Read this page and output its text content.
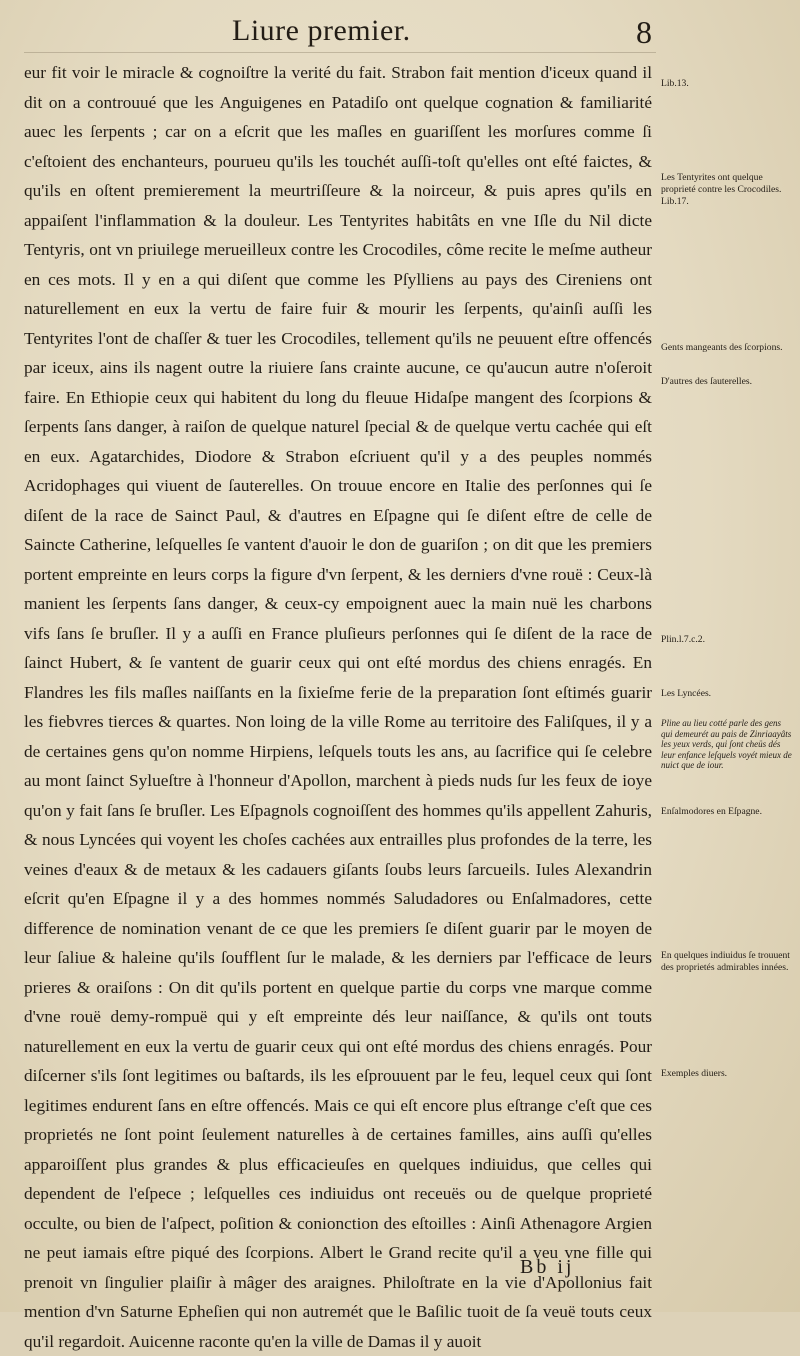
Liure premier.	8

eur fit voir le miracle & cognoiſtre la verité du fait. Strabon fait mention d'iceux quand il dit on a controuué que les Anguigenes en Patadiſo ont quelque cognation & familiarité auec les ſerpents ; car on a eſcrit que les maſles en guariſſent les morſures comme ſi c'eſtoient des enchanteurs, pourueu qu'ils les touchét auſſi-toſt qu'elles ont eſté faictes, & qu'ils en oſtent premierement la meurtriſſeure & la noirceur, & puis apres qu'ils en appaiſent l'inflammation & la douleur. Les Tentyrites habitâts en vne Iſle du Nil dicte Tentyris, ont vn priuilege merueilleux contre les Crocodiles, côme recite le meſme autheur en ces mots. Il y en a qui diſent que comme les Pſylliens au pays des Cireniens ont naturellement en eux la vertu de faire fuir & mourir les ſerpents, qu'ainſi auſſi les Tentyrites l'ont de chaſſer & tuer les Crocodiles, tellement qu'ils ne peuuent eſtre offencés par iceux, ains ils nagent outre la riuiere ſans crainte aucune, ce qu'aucun autre n'oſeroit faire. En Ethiopie ceux qui habitent du long du fleuue Hidaſpe mangent des ſcorpions & ſerpents ſans danger, à raiſon de quelque naturel ſpecial & de quelque vertu cachée qui eſt en eux. Agatarchides, Diodore & Strabon eſcriuent qu'il y a des peuples nommés Acridophages qui viuent de ſauterelles. On trouue encore en Italie des perſonnes qui ſe diſent de la race de Sainct Paul, & d'autres en Eſpagne qui ſe diſent eſtre de celle de Saincte Catherine, leſquelles ſe vantent d'auoir le don de guariſon ; on dit que les premiers portent empreinte en leurs corps la figure d'vn ſerpent, & les derniers d'vne rouë : Ceux-là manient les ſerpents ſans danger, & ceux-cy empoignent auec la main nuë les charbons vifs ſans ſe bruſler. Il y a auſſi en France pluſieurs perſonnes qui ſe diſent de la race de ſainct Hubert, & ſe vantent de guarir ceux qui ont eſté mordus des chiens enragés. En Flandres les fils maſles naiſſants en la ſixieſme ferie de la preparation ſont eſtimés guarir les fiebvres tierces & quartes. Non loing de la ville Rome au territoire des Faliſques, il y a de certaines gens qu'on nomme Hirpiens, leſquels touts les ans, au ſacrifice qui ſe celebre au mont ſainct Sylueſtre à l'honneur d'Apollon, marchent à pieds nuds ſur les feux de ioye qu'on y fait ſans ſe bruſler. Les Eſpagnols cognoiſſent des hommes qu'ils appellent Zahuris, & nous Lyncées qui voyent les choſes cachées aux entrailles plus profondes de la terre, les veines d'eaux & de metaux & les cadauers giſants ſoubs leurs ſarcueils. Iules Alexandrin eſcrit qu'en Eſpagne il y a des hommes nommés Saludadores ou Enſalmadores, cette difference de nomination venant de ce que les premiers ſe diſent guarir par le moyen de leur ſaliue & haleine qu'ils ſoufflent ſur le malade, & les derniers par l'efficace de leurs prieres & oraiſons : On dit qu'ils portent en quelque partie du corps vne marque comme d'vne rouë demy-rompuë qui y eſt empreinte dés leur naiſſance, & qu'ils ont touts naturellement en eux la vertu de guarir ceux qui ont eſté mordus des chiens enragés. Pour diſcerner s'ils ſont legitimes ou baſtards, ils les eſprouuent par le feu, lequel ceux qui ſont legitimes endurent ſans en eſtre offencés. Mais ce qui eſt encore plus eſtrange c'eſt que ces proprietés ne ſont point ſeulement naturelles à de certaines familles, ains auſſi qu'elles apparoiſſent plus grandes & plus efficacieuſes en quelques indiuidus, que celles qui dependent de l'eſpece ; leſquelles ces indiuidus ont receuës ou de quelque proprieté occulte, ou bien de l'aſpect, poſition & conionction des eſtoilles : Ainſi Athenagore Argien ne peut iamais eſtre piqué des ſcorpions. Albert le Grand recite qu'il a veu vne fille qui prenoit vn ſingulier plaiſir à mâger des araignes. Philoſtrate en la vie d'Apollonius fait mention d'vn Saturne Epheſien qui non autremét que le Baſilic tuoit de ſa veuë touts ceux qu'il regardoit. Auicenne raconte qu'en la ville de Damas il y auoit

Lib.13.
Les Tentyrites ont quelque proprieté contre les Crocodiles. Lib.17.
Gents mangeants des ſcorpions.
D'autres des ſauterelles.
Plin.l.7.c.2.
Les Lyncées.
Pline au lieu cotté parle des gens qui demeurét au pais de Zinriaayâts les yeux verds, qui ſont cheüs dés leur enfance leſquels voyét mieux de nuict que de iour.
Enſalmodores en Eſpagne.
En quelques indiuidus ſe trouuent des proprietés admirables innées.
Exemples diuers.
Bb ij
